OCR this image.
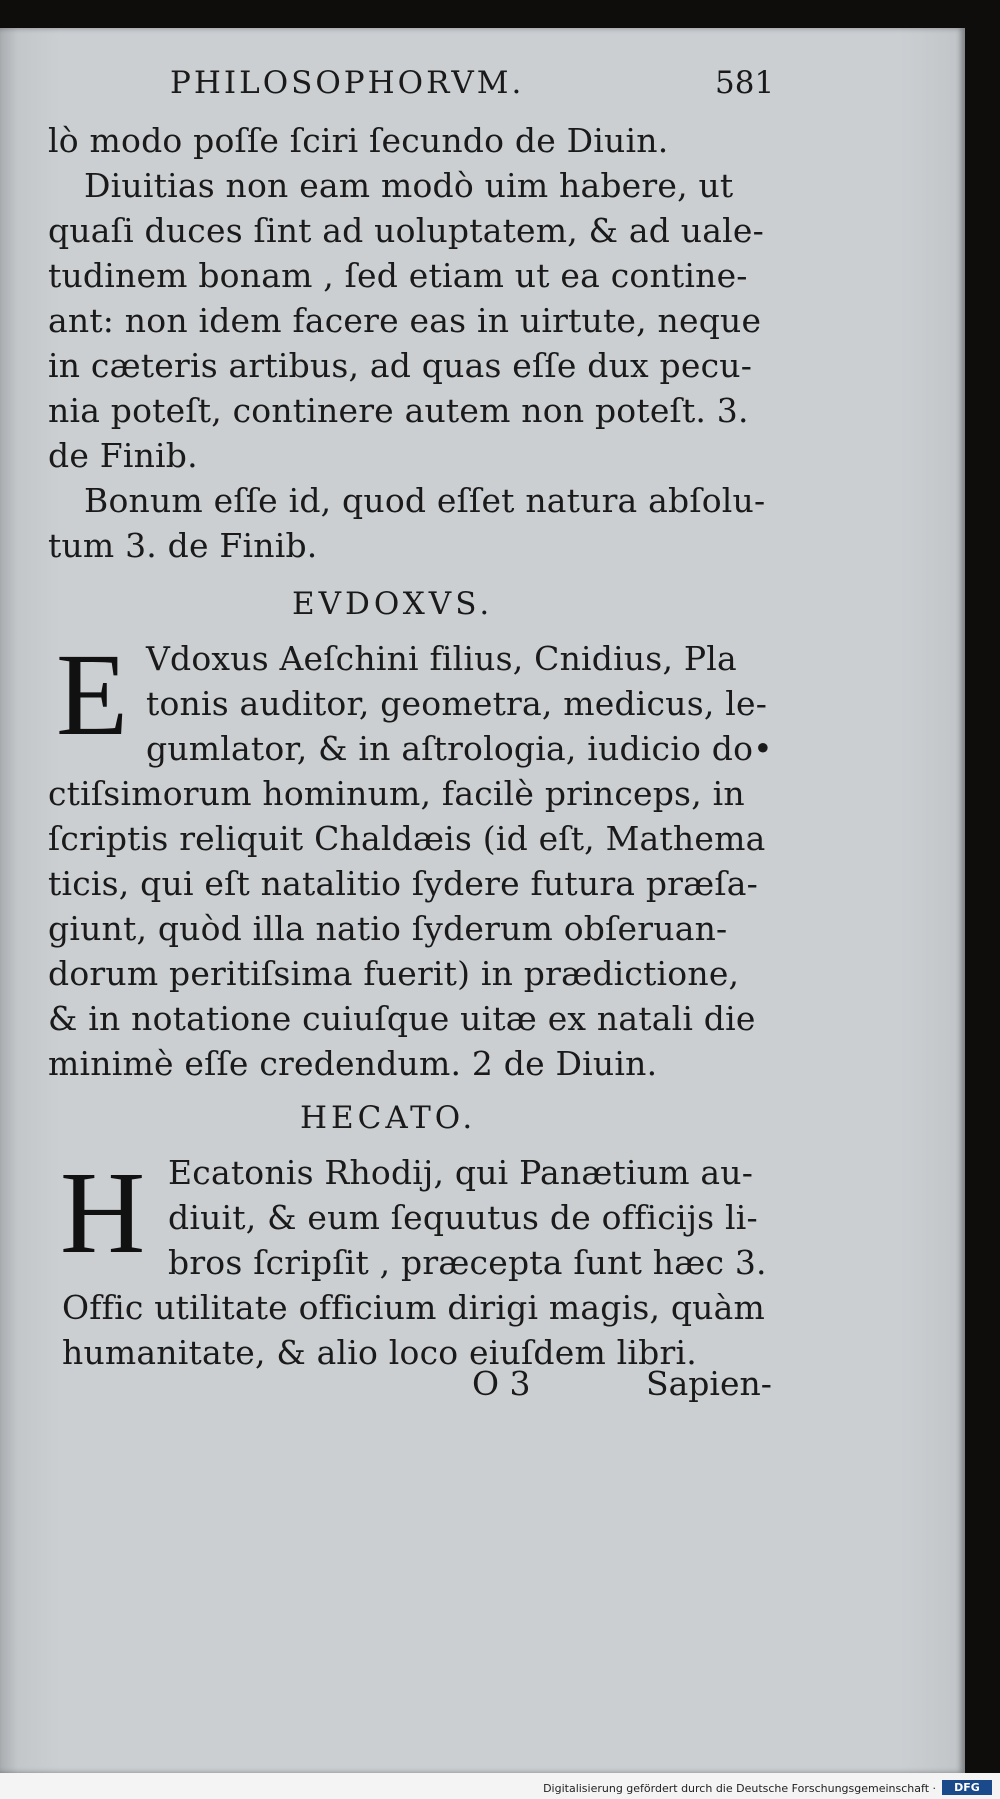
PHILOSOPHORVM.	581
lò modo poſſe ſciri ſecundo de Diuin.
Diuitias non eam modò uim habere, ut
quaſi duces ſint ad uoluptatem, & ad uale-
tudinem bonam , ſed etiam ut ea contine-
ant: non idem facere eas in uirtute, neque
in cæteris artibus, ad quas eſſe dux pecu-
nia poteſt, continere autem non poteſt. 3.
de Finib.
Bonum eſſe id, quod eſſet natura abſolu-
tum 3. de Finib.
EVDOXVS.
E Vdoxus Aeſchini filius, Cnidius, Pla
tonis auditor, geometra, medicus, le-
gumlator, & in aſtrologia, iudicio do•
ctiſsimorum hominum, facilè princeps, in
ſcriptis reliquit Chaldæis (id eſt, Mathema
ticis, qui eſt natalitio ſydere futura præſa-
giunt, quòd illa natio ſyderum obſeruan-
dorum peritiſsima fuerit) in prædictione,
& in notatione cuiuſque uitæ ex natali die
minimè eſſe credendum. 2 de Diuin.
HECATO.
H Ecatonis Rhodij, qui Panætium au-
diuit, & eum ſequutus de officijs li-
bros ſcripſit , præcepta ſunt hæc 3.
Offic utilitate officium dirigi magis, quàm
humanitate, & alio loco eiuſdem libri.
O 3	Sapien-
Digitalisierung gefördert durch die Deutsche Forschungsgemeinschaft ·	DFG
